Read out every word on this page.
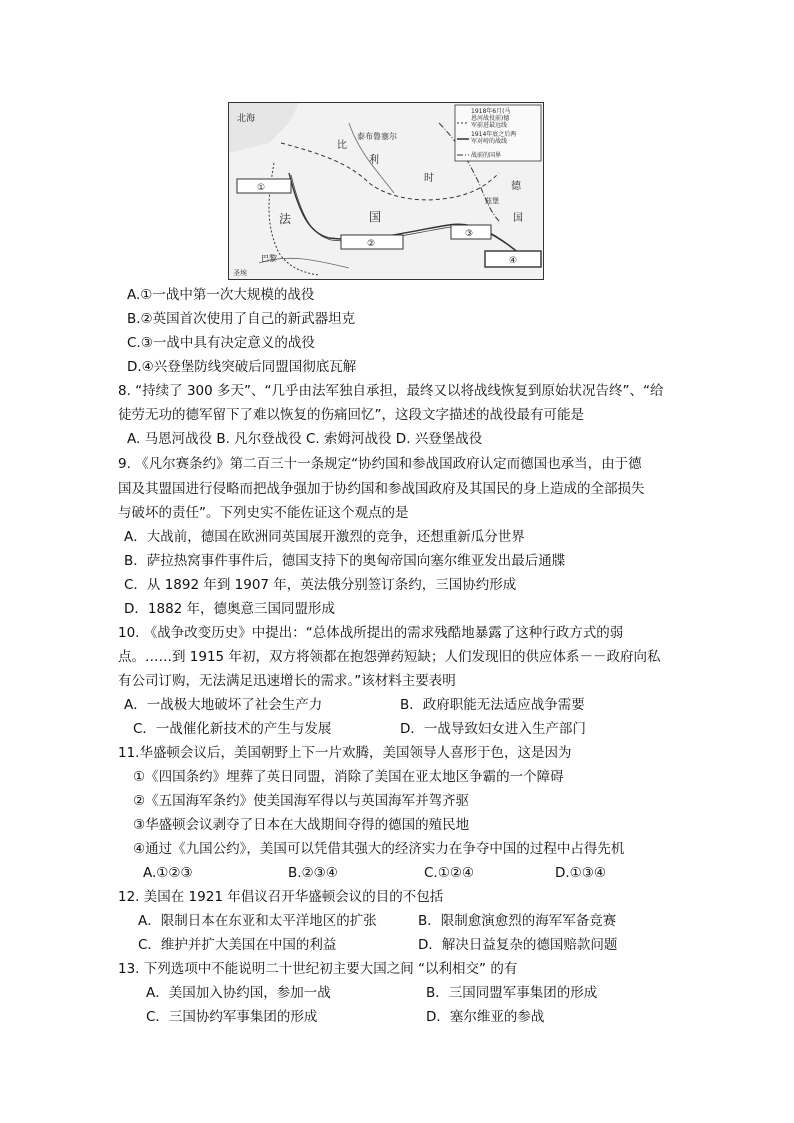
1918年6月(马
恩河战役前)德
军前进最远线
1914年底之后两
军对峙的战线
战前的国界
北海
泰布鲁塞尔
比
利
时
法	国
德
国
巴黎
圣埃
兹堡
①
②
③
④
A.①一战中第一次大规模的战役
B.②英国首次使用了自己的新武器坦克
C.③一战中具有决定意义的战役
D.④兴登堡防线突破后同盟国彻底瓦解
8. “持续了 300 多天”、“几乎由法军独自承担，最终又以将战线恢复到原始状况告终”、“给
徒劳无功的德军留下了难以恢复的伤痛回忆”，这段文字描述的战役最有可能是
A. 马恩河战役 B. 凡尔登战役 C. 索姆河战役 D. 兴登堡战役
9. 《凡尔赛条约》第二百三十一条规定“协约国和参战国政府认定而德国也承当，由于德
国及其盟国进行侵略而把战争强加于协约国和参战国政府及其国民的身上造成的全部损失
与破坏的责任”。下列史实不能佐证这个观点的是
A．大战前，德国在欧洲同英国展开激烈的竞争，还想重新瓜分世界
B．萨拉热窝事件事件后，德国支持下的奥匈帝国向塞尔维亚发出最后通牒
C．从 1892 年到 1907 年，英法俄分别签订条约，三国协约形成
D．1882 年，德奥意三国同盟形成
10. 《战争改变历史》中提出：“总体战所提出的需求残酷地暴露了这种行政方式的弱
点。……到 1915 年初，双方将领都在抱怨弹药短缺；人们发现旧的供应体系－－政府向私
有公司订购，无法满足迅速增长的需求。”该材料主要表明
A．一战极大地破坏了社会生产力	B．政府职能无法适应战争需要
C．一战催化新技术的产生与发展	D．一战导致妇女进入生产部门
11.华盛顿会议后，美国朝野上下一片欢腾，美国领导人喜形于色，这是因为
①《四国条约》埋葬了英日同盟，消除了美国在亚太地区争霸的一个障碍
②《五国海军条约》使美国海军得以与英国海军并驾齐驱
③华盛顿会议剥夺了日本在大战期间夺得的德国的殖民地
④通过《九国公约》，美国可以凭借其强大的经济实力在争夺中国的过程中占得先机
A.①②③	B.②③④	C.①②④	D.①③④
12. 美国在 1921 年倡议召开华盛顿会议的目的不包括
A．限制日本在东亚和太平洋地区的扩张	B．限制愈演愈烈的海军军备竞赛
C．维护并扩大美国在中国的利益	D．解决日益复杂的德国赔款问题
13. 下列选项中不能说明二十世纪初主要大国之间 “以利相交” 的有
A．美国加入协约国，参加一战	B．三国同盟军事集团的形成
C．三国协约军事集团的形成	D．塞尔维亚的参战
